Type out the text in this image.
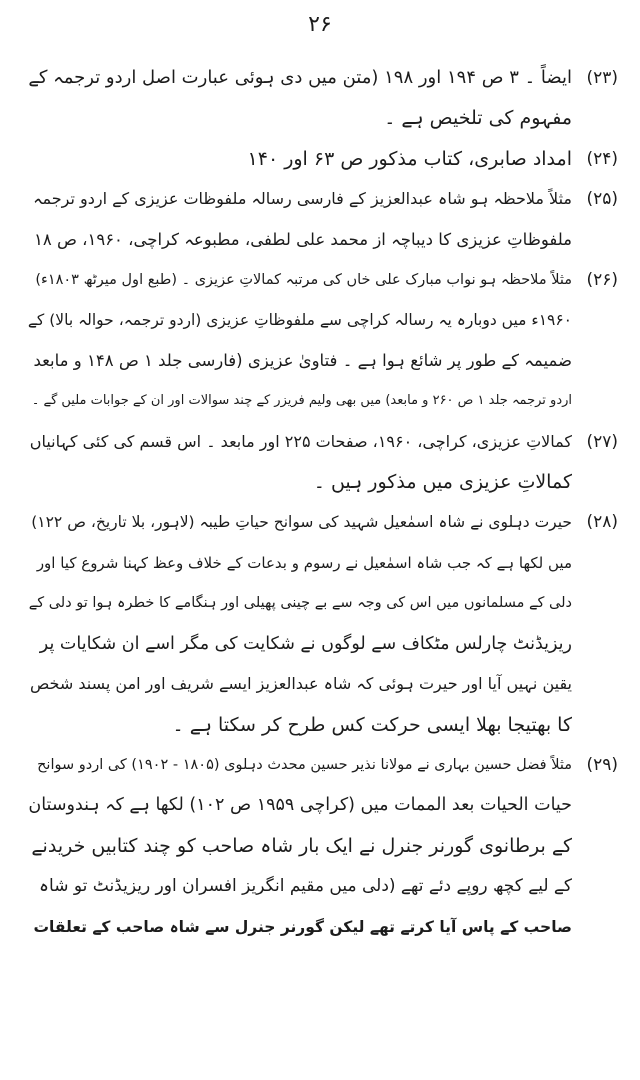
۲۶
(۲۳)
ایضاً ۔ ۳ ص ۱۹۴ اور ۱۹۸ (متن میں دی ہوئی عبارت اصل اردو ترجمہ کے
مفہوم کی تلخیص ہے ۔
(۲۴)
امداد صابری، کتاب مذکور ص ۶۳ اور ۱۴۰
(۲۵)
مثلاً ملاحظہ ہو شاہ عبدالعزیز کے فارسی رسالہ ملفوظات عزیزی کے اردو ترجمہ
ملفوظاتِ عزیزی کا دیباچہ از محمد علی لطفی، مطبوعہ کراچی، ۱۹۶۰، ص ۱۸
(۲۶)
مثلاً ملاحظہ ہو نواب مبارک علی خاں کی مرتبہ کمالاتِ عزیزی ۔ (طبع اول میرٹھ ۱۸۰۳ء)
۱۹۶۰ء میں دوبارہ یہ رسالہ کراچی سے ملفوظاتِ عزیزی (اردو ترجمہ، حوالہ بالا) کے
ضمیمہ کے طور پر شائع ہوا ہے ۔ فتاویٰ عزیزی (فارسی جلد ۱ ص ۱۴۸ و مابعد
اردو ترجمہ جلد ۱ ص ۲۶۰ و مابعد) میں بھی ولیم فریزر کے چند سوالات اور ان کے جوابات ملیں گے ۔
(۲۷)
کمالاتِ عزیزی، کراچی، ۱۹۶۰، صفحات ۲۲۵ اور مابعد ۔ اس قسم کی کئی کہانیاں
کمالاتِ عزیزی میں مذکور ہیں ۔
(۲۸)
حیرت دہلوی نے شاہ اسمٰعیل شہید کی سوانح حیاتِ طیبہ (لاہور، بلا تاریخ، ص ۱۲۲)
میں لکھا ہے کہ جب شاہ اسمٰعیل نے رسوم و بدعات کے خلاف وعظ کہنا شروع کیا اور
دلی کے مسلمانوں میں اس کی وجہ سے بے چینی پھیلی اور ہنگامے کا خطرہ ہوا تو دلی کے
ریزیڈنٹ چارلس مٹکاف سے لوگوں نے شکایت کی مگر اسے ان شکایات پر
یقین نہیں آیا اور حیرت ہوئی کہ شاہ عبدالعزیز ایسے شریف اور امن پسند شخص
کا بھتیجا بھلا ایسی حرکت کس طرح کر سکتا ہے ۔
(۲۹)
مثلاً فضل حسین بہاری نے مولانا نذیر حسین محدث دہلوی (۱۸۰۵ - ۱۹۰۲) کی اردو سوانح
حیات الحیات بعد الممات میں (کراچی ۱۹۵۹ ص ۱۰۲) لکھا ہے کہ ہندوستان
کے برطانوی گورنر جنرل نے ایک بار شاہ صاحب کو چند کتابیں خریدنے
کے لیے کچھ روپے دئے تھے (دلی میں مقیم انگریز افسران اور ریزیڈنٹ تو شاہ
صاحب کے پاس آیا کرتے تھے لیکن گورنر جنرل سے شاہ صاحب کے تعلقات
